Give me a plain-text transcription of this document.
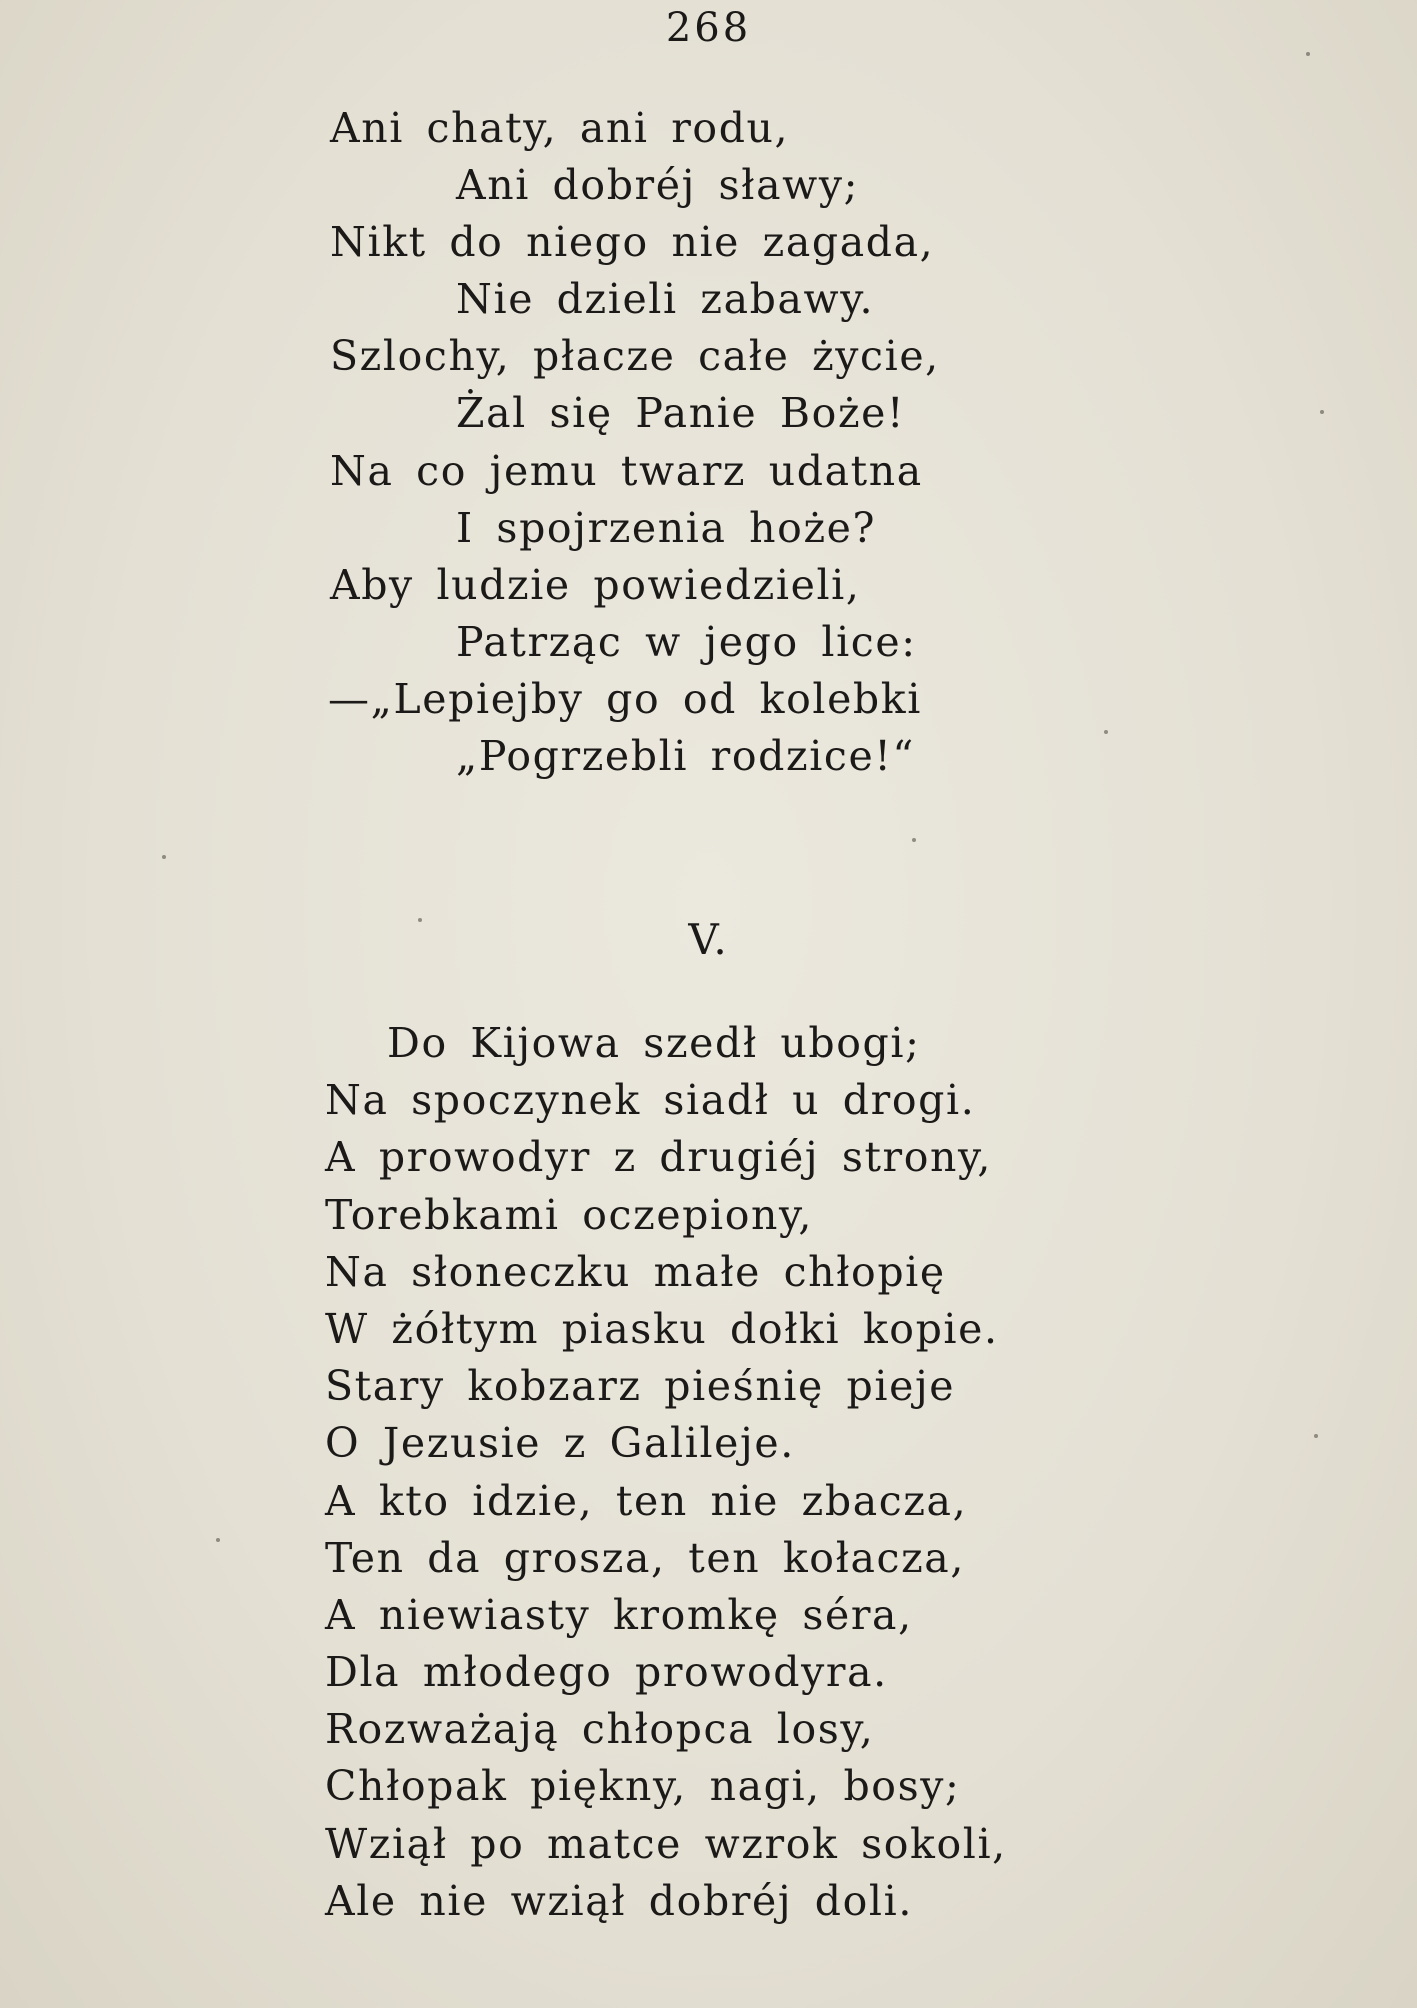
268
Ani chaty, ani rodu,
Ani dobréj sławy;
Nikt do niego nie zagada,
Nie dzieli zabawy.
Szlochy, płacze całe życie,
Żal się Panie Boże!
Na co jemu twarz udatna
I spojrzenia hoże?
Aby ludzie powiedzieli,
Patrząc w jego lice:
—„Lepiejby go od kolebki
„Pogrzebli rodzice!“
V.
Do Kijowa szedł ubogi;
Na spoczynek siadł u drogi.
A prowodyr z drugiéj strony,
Torebkami oczepiony,
Na słoneczku małe chłopię
W żółtym piasku dołki kopie.
Stary kobzarz pieśnię pieje
O Jezusie z Galileje.
A kto idzie, ten nie zbacza,
Ten da grosza, ten kołacza,
A niewiasty kromkę séra,
Dla młodego prowodyra.
Rozważają chłopca losy,
Chłopak piękny, nagi, bosy;
Wziął po matce wzrok sokoli,
Ale nie wziął dobréj doli.
